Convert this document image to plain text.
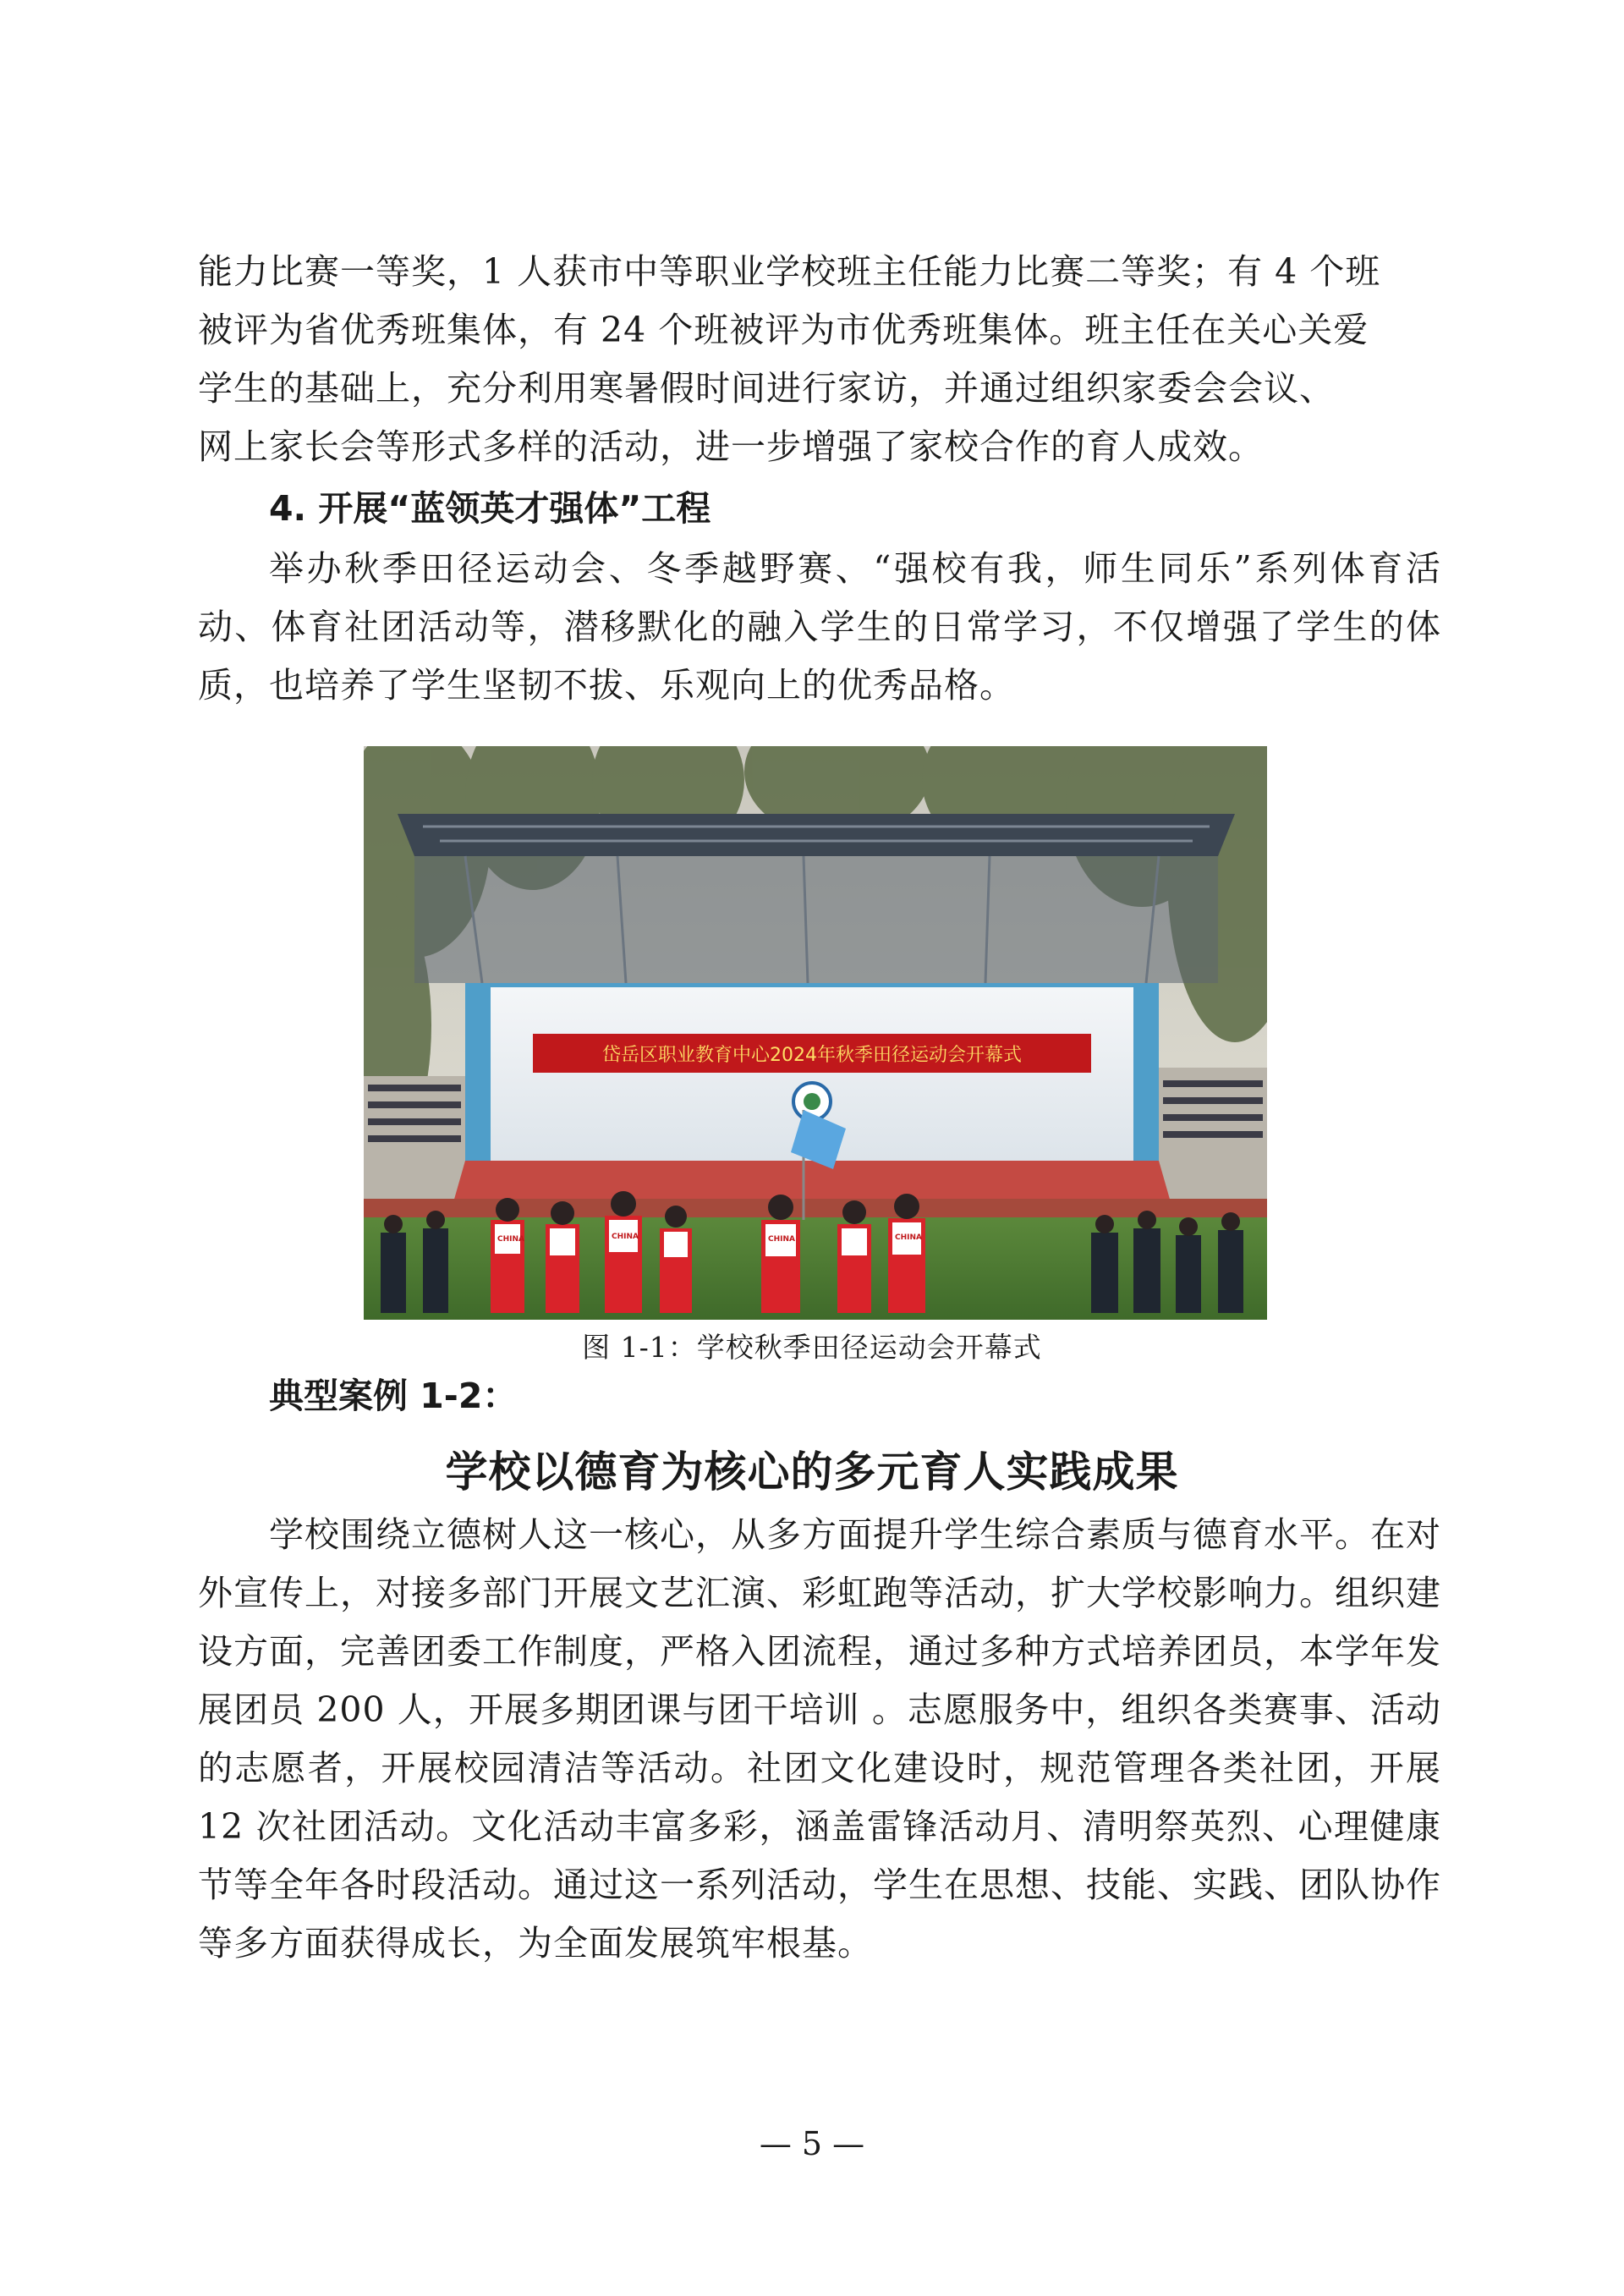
能力比赛一等奖，1 人获市中等职业学校班主任能力比赛二等奖；有 4 个班
被评为省优秀班集体，有 24 个班被评为市优秀班集体。班主任在关心关爱
学生的基础上，充分利用寒暑假时间进行家访，并通过组织家委会会议、
网上家长会等形式多样的活动，进一步增强了家校合作的育人成效。

4. 开展“蓝领英才强体”工程

举办秋季田径运动会、冬季越野赛、“强校有我，师生同乐”系列体育活动、体育社团活动等，潜移默化的融入学生的日常学习，不仅增强了学生的体质，也培养了学生坚韧不拔、乐观向上的优秀品格。

岱岳区职业教育中心2024年秋季田径运动会开幕式
CHINA	CHINA	CHINA	CHINA

图 1-1：学校秋季田径运动会开幕式

典型案例 1-2：

学校以德育为核心的多元育人实践成果

学校围绕立德树人这一核心，从多方面提升学生综合素质与德育水平。在对外宣传上，对接多部门开展文艺汇演、彩虹跑等活动，扩大学校影响力。组织建设方面，完善团委工作制度，严格入团流程，通过多种方式培养团员，本学年发展团员 200 人，开展多期团课与团干培训 。志愿服务中，组织各类赛事、活动的志愿者，开展校园清洁等活动。社团文化建设时，规范管理各类社团，开展 12 次社团活动。文化活动丰富多彩，涵盖雷锋活动月、清明祭英烈、心理健康节等全年各时段活动。通过这一系列活动，学生在思想、技能、实践、团队协作等多方面获得成长，为全面发展筑牢根基。

— 5 —
